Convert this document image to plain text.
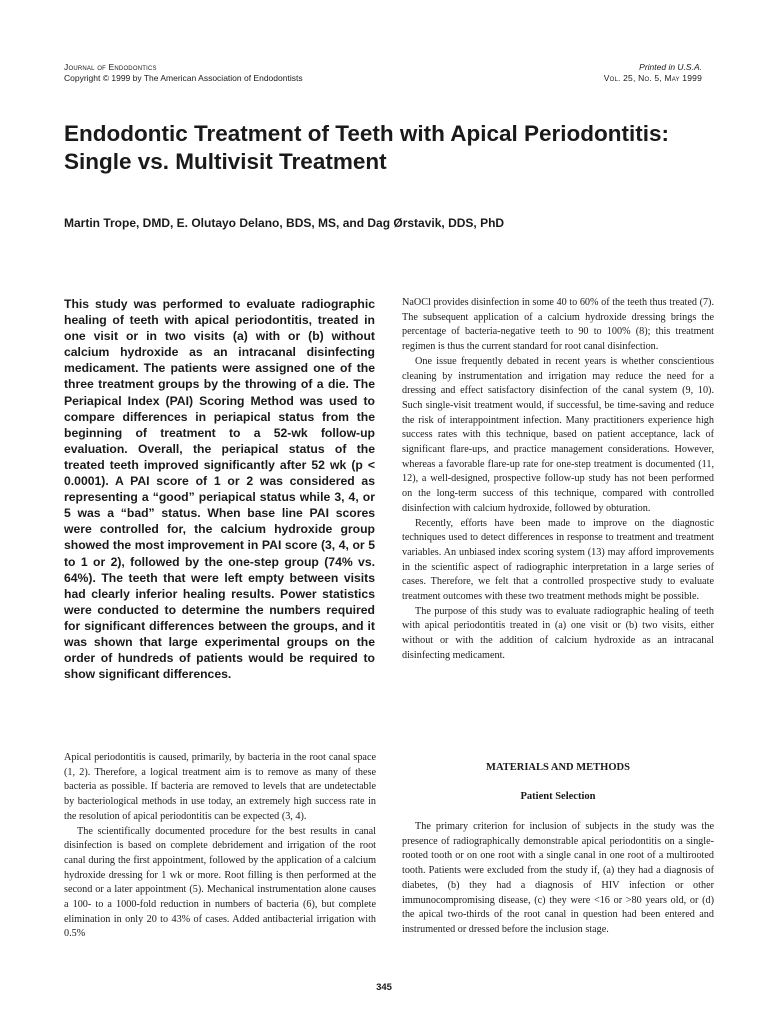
Journal of Endodontics
Copyright © 1999 by The American Association of Endodontists
Printed in U.S.A.
Vol. 25, No. 5, May 1999
Endodontic Treatment of Teeth with Apical Periodontitis: Single vs. Multivisit Treatment
Martin Trope, DMD, E. Olutayo Delano, BDS, MS, and Dag Ørstavik, DDS, PhD

This study was performed to evaluate radiographic healing of teeth with apical periodontitis, treated in one visit or in two visits (a) with or (b) without calcium hydroxide as an intracanal disinfecting medicament. The patients were assigned one of the three treatment groups by the throwing of a die. The Periapical Index (PAI) Scoring Method was used to compare differences in periapical status from the beginning of treatment to a 52-wk follow-up evaluation. Overall, the periapical status of the treated teeth improved significantly after 52 wk (p < 0.0001). A PAI score of 1 or 2 was considered as representing a “good” periapical status while 3, 4, or 5 was a “bad” status. When base line PAI scores were controlled for, the calcium hydroxide group showed the most improvement in PAI score (3, 4, or 5 to 1 or 2), followed by the one-step group (74% vs. 64%). The teeth that were left empty between visits had clearly inferior healing results. Power statistics were conducted to determine the numbers required for significant differences between the groups, and it was shown that large experimental groups on the order of hundreds of patients would be required to show significant differences.

Apical periodontitis is caused, primarily, by bacteria in the root canal space (1, 2). Therefore, a logical treatment aim is to remove as many of these bacteria as possible. If bacteria are removed to levels that are undetectable by bacteriological methods in use today, an extremely high success rate in the resolution of apical periodontitis can be expected (3, 4).

The scientifically documented procedure for the best results in canal disinfection is based on complete debridement and irrigation of the root canal during the first appointment, followed by the application of a calcium hydroxide dressing for 1 wk or more. Root filling is then performed at the second or a later appointment (5). Mechanical instrumentation alone causes a 100- to a 1000-fold reduction in numbers of bacteria (6), but complete elimination in only 20 to 43% of cases. Added antibacterial irrigation with 0.5%

NaOCl provides disinfection in some 40 to 60% of the teeth thus treated (7). The subsequent application of a calcium hydroxide dressing brings the percentage of bacteria-negative teeth to 90 to 100% (8); this treatment regimen is thus the current standard for root canal disinfection.

One issue frequently debated in recent years is whether conscientious cleaning by instrumentation and irrigation may reduce the need for a dressing and effect satisfactory disinfection of the canal system (9, 10). Such single-visit treatment would, if successful, be time-saving and reduce the risk of interappointment infection. Many practitioners experience high success rates with this technique, based on patient acceptance, lack of significant flare-ups, and practice management considerations. However, whereas a favorable flare-up rate for one-step treatment is documented (11, 12), a well-designed, prospective follow-up study has not been performed on the long-term success of this technique, compared with controlled disinfection with calcium hydroxide, followed by obturation.

Recently, efforts have been made to improve on the diagnostic techniques used to detect differences in response to treatment and treatment variables. An unbiased index scoring system (13) may afford improvements in the scientific aspect of radiographic interpretation in a large series of cases. Therefore, we felt that a controlled prospective study to evaluate treatment outcomes with these two treatment methods might be possible.

The purpose of this study was to evaluate radiographic healing of teeth with apical periodontitis treated in (a) one visit or (b) two visits, either without or with the addition of calcium hydroxide as an intracanal disinfecting medicament.

MATERIALS AND METHODS
Patient Selection

The primary criterion for inclusion of subjects in the study was the presence of radiographically demonstrable apical periodontitis on a single-rooted tooth or on one root with a single canal in one root of a multirooted tooth. Patients were excluded from the study if, (a) they had a diagnosis of diabetes, (b) they had a diagnosis of HIV infection or other immunocompromising disease, (c) they were <16 or >80 years old, or (d) the apical two-thirds of the root canal in question had been entered and instrumented or dressed before the inclusion stage.

345
